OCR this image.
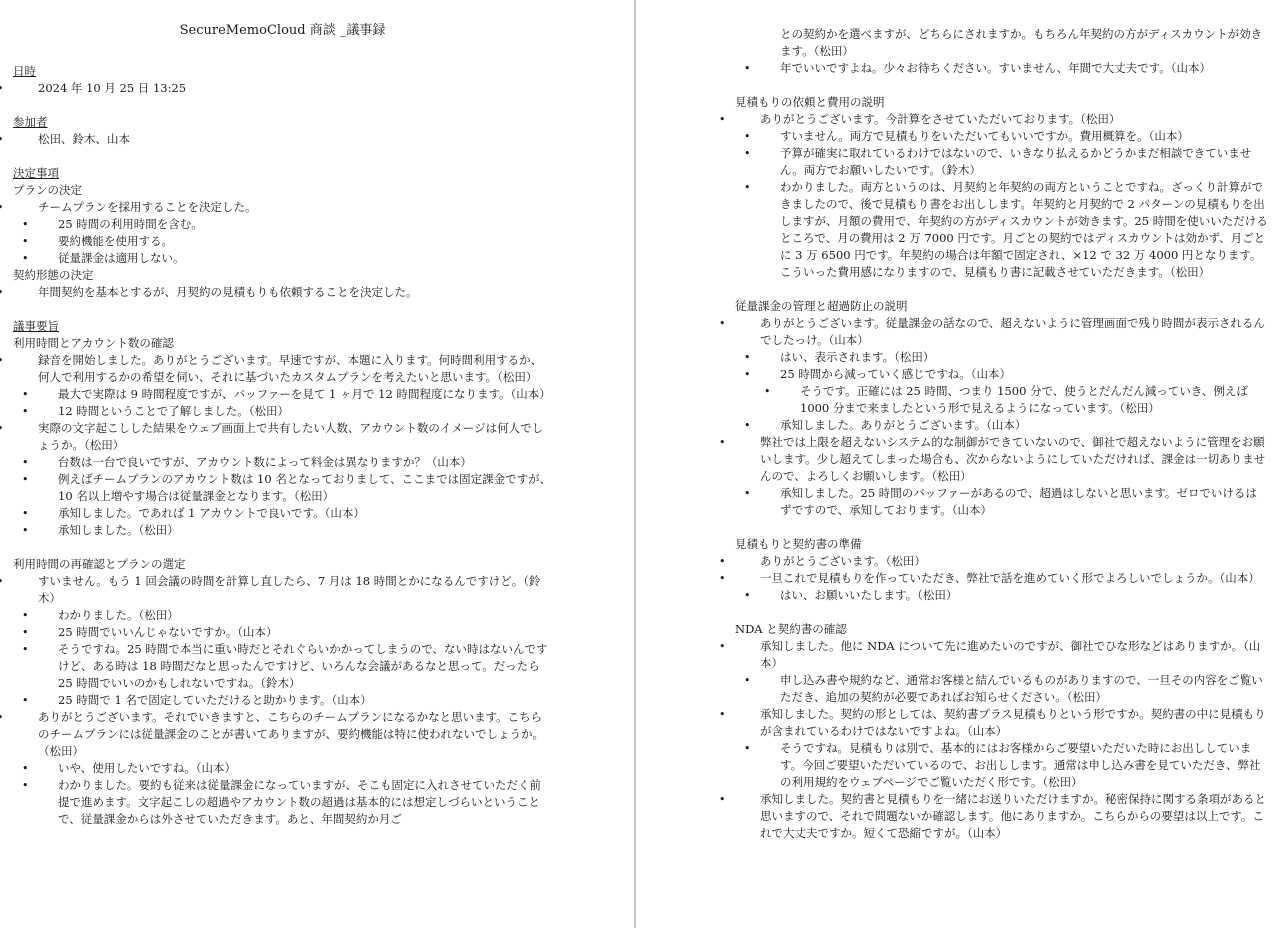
SecureMemoCloud 商談 _議事録
日時
• 2024 年 10 月 25 日 13:25
参加者
• 松田、鈴木、山本
決定事項
プランの決定
• チームプランを採用することを決定した。
• 25 時間の利用時間を含む。
• 要約機能を使用する。
• 従量課金は適用しない。
契約形態の決定
• 年間契約を基本とするが、月契約の見積もりも依頼することを決定した。
議事要旨
利用時間とアカウント数の確認
• 録音を開始しました。ありがとうございます。早速ですが、本題に入ります。何時間利用するか、何人で利用するかの希望を伺い、それに基づいたカスタムプランを考えたいと思います。（松田）
• 最大で実際は 9 時間程度ですが、バッファーを見て 1 ヶ月で 12 時間程度になります。（山本）
• 12 時間ということで了解しました。（松田）
• 実際の文字起こしした結果をウェブ画面上で共有したい人数、アカウント数のイメージは何人でしょうか。（松田）
• 台数は一台で良いですが、アカウント数によって料金は異なりますか？（山本）
• 例えばチームプランのアカウント数は 10 名となっておりまして、ここまでは固定課金ですが、10 名以上増やす場合は従量課金となります。（松田）
• 承知しました。であれば 1 アカウントで良いです。（山本）
• 承知しました。（松田）
利用時間の再確認とプランの選定
• すいません。もう 1 回会議の時間を計算し直したら、7 月は 18 時間とかになるんですけど。（鈴木）
• わかりました。（松田）
• 25 時間でいいんじゃないですか。（山本）
• そうですね。25 時間で本当に重い時だとそれぐらいかかってしまうので、ない時はないんですけど、ある時は 18 時間だなと思ったんですけど、いろんな会議があるなと思って。だったら 25 時間でいいのかもしれないですね。（鈴木）
• 25 時間で 1 名で固定していただけると助かります。（山本）
• ありがとうございます。それでいきますと、こちらのチームプランになるかなと思います。こちらのチームプランには従量課金のことが書いてありますが、要約機能は特に使われないでしょうか。（松田）
• いや、使用したいですね。（山本）
• わかりました。要約も従来は従量課金になっていますが、そこも固定に入れさせていただく前提で進めます。文字起こしの超過やアカウント数の超過は基本的には想定しづらいということで、従量課金からは外させていただきます。あと、年間契約か月ご
との契約かを選べますが、どちらにされますか。もちろん年契約の方がディスカウントが効きます。（松田）
• 年でいいですよね。少々お待ちください。すいません、年間で大丈夫です。（山本）
見積もりの依頼と費用の説明
• ありがとうございます。今計算をさせていただいております。（松田）
• すいません。両方で見積もりをいただいてもいいですか。費用概算を。（山本）
• 予算が確実に取れているわけではないので、いきなり払えるかどうかまだ相談できていません。両方でお願いしたいです。（鈴木）
• わかりました。両方というのは、月契約と年契約の両方ということですね。ざっくり計算ができましたので、後で見積もり書をお出しします。年契約と月契約で 2 パターンの見積もりを出しますが、月額の費用で、年契約の方がディスカウントが効きます。25 時間を使いいただけるところで、月の費用は 2 万 7000 円です。月ごとの契約ではディスカウントは効かず、月ごとに 3 万 6500 円です。年契約の場合は年額で固定され、×12 で 32 万 4000 円となります。こういった費用感になりますので、見積もり書に記載させていただきます。（松田）
従量課金の管理と超過防止の説明
• ありがとうございます。従量課金の話なので、超えないように管理画面で残り時間が表示されるんでしたっけ。（山本）
• はい、表示されます。（松田）
• 25 時間から減っていく感じですね。（山本）
• そうです。正確には 25 時間、つまり 1500 分で、使うとだんだん減っていき、例えば 1000 分まで来ましたという形で見えるようになっています。（松田）
• 承知しました。ありがとうございます。（山本）
• 弊社では上限を超えないシステム的な制御ができていないので、御社で超えないように管理をお願いします。少し超えてしまった場合も、次からないようにしていただければ、課金は一切ありませんので、よろしくお願いします。（松田）
• 承知しました。25 時間のバッファーがあるので、超過はしないと思います。ゼロでいけるはずですので、承知しております。（山本）
見積もりと契約書の準備
• ありがとうございます。（松田）
• 一旦これで見積もりを作っていただき、弊社で話を進めていく形でよろしいでしょうか。（山本）
• はい、お願いいたします。（松田）
NDA と契約書の確認
• 承知しました。他に NDA について先に進めたいのですが、御社でひな形などはありますか。（山本）
• 申し込み書や規約など、通常お客様と結んでいるものがありますので、一旦その内容をご覧いただき、追加の契約が必要であればお知らせください。（松田）
• 承知しました。契約の形としては、契約書プラス見積もりという形ですか。契約書の中に見積もりが含まれているわけではないですよね。（山本）
• そうですね。見積もりは別で、基本的にはお客様からご要望いただいた時にお出ししています。今回ご要望いただいているので、お出しします。通常は申し込み書を見ていただき、弊社の利用規約をウェブページでご覧いただく形です。（松田）
• 承知しました。契約書と見積もりを一緒にお送りいただけますか。秘密保持に関する条項があると思いますので、それで問題ないか確認します。他にありますか。こちらからの要望は以上です。これで大丈夫ですか。短くて恐縮ですが。（山本）
